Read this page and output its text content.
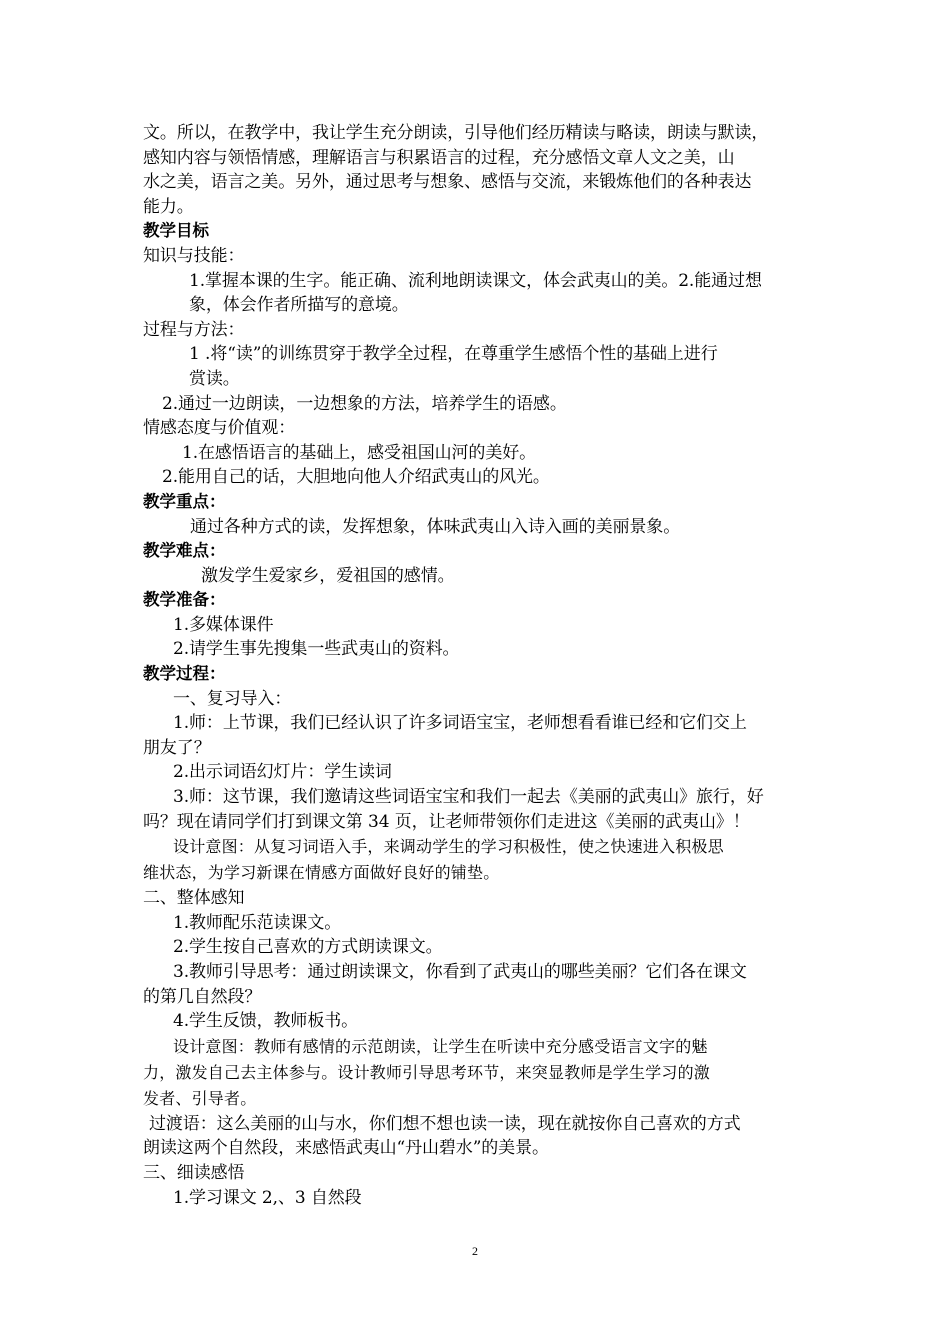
文。所以，在教学中，我让学生充分朗读，引导他们经历精读与略读，朗读与默读，
感知内容与领悟情感，理解语言与积累语言的过程，充分感悟文章人文之美，山
水之美，语言之美。另外，通过思考与想象、感悟与交流，来锻炼他们的各种表达
能力。
教学目标
知识与技能：
1.掌握本课的生字。能正确、流利地朗读课文，体会武夷山的美。2.能通过想
象，体会作者所描写的意境。
过程与方法：
1 .将“读”的训练贯穿于教学全过程，在尊重学生感悟个性的基础上进行
赏读。
2.通过一边朗读，一边想象的方法，培养学生的语感。
情感态度与价值观：
1.在感悟语言的基础上，感受祖国山河的美好。
2.能用自己的话，大胆地向他人介绍武夷山的风光。
教学重点：
通过各种方式的读，发挥想象，体味武夷山入诗入画的美丽景象。
教学难点：
激发学生爱家乡，爱祖国的感情。
教学准备：
1.多媒体课件
2.请学生事先搜集一些武夷山的资料。
教学过程：
一、复习导入：
1.师：上节课，我们已经认识了许多词语宝宝，老师想看看谁已经和它们交上
朋友了？
2.出示词语幻灯片：学生读词
3.师：这节课，我们邀请这些词语宝宝和我们一起去《美丽的武夷山》旅行，好
吗？现在请同学们打到课文第 34 页，让老师带领你们走进这《美丽的武夷山》！
设计意图：从复习词语入手，来调动学生的学习积极性，使之快速进入积极思
维状态，为学习新课在情感方面做好良好的铺垫。
二、整体感知
1.教师配乐范读课文。
2.学生按自己喜欢的方式朗读课文。
3.教师引导思考：通过朗读课文，你看到了武夷山的哪些美丽？它们各在课文
的第几自然段？
4.学生反馈，教师板书。
设计意图：教师有感情的示范朗读，让学生在听读中充分感受语言文字的魅
力，激发自己去主体参与。设计教师引导思考环节，来突显教师是学生学习的激
发者、引导者。
过渡语：这么美丽的山与水，你们想不想也读一读，现在就按你自己喜欢的方式
朗读这两个自然段，来感悟武夷山“丹山碧水”的美景。
三、细读感悟
1.学习课文 2,、3 自然段
2
